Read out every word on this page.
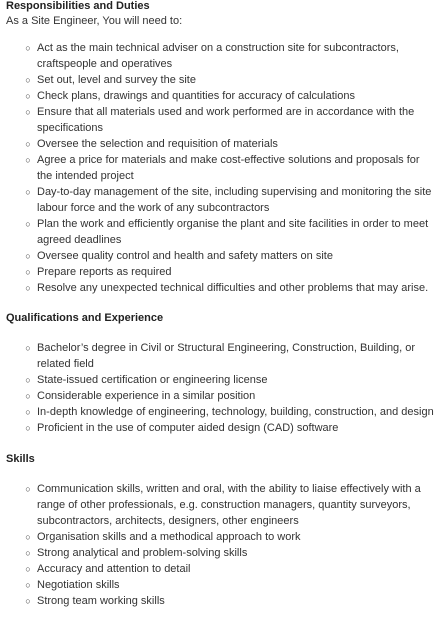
Responsibilities and Duties
As a Site Engineer, You will need to:
○ Act as the main technical adviser on a construction site for subcontractors, craftspeople and operatives
○ Set out, level and survey the site
○ Check plans, drawings and quantities for accuracy of calculations
○ Ensure that all materials used and work performed are in accordance with the specifications
○ Oversee the selection and requisition of materials
○ Agree a price for materials and make cost-effective solutions and proposals for the intended project
○ Day-to-day management of the site, including supervising and monitoring the site labour force and the work of any subcontractors
○ Plan the work and efficiently organise the plant and site facilities in order to meet agreed deadlines
○ Oversee quality control and health and safety matters on site
○ Prepare reports as required
○ Resolve any unexpected technical difficulties and other problems that may arise.
Qualifications and Experience
○ Bachelor’s degree in Civil or Structural Engineering, Construction, Building, or related field
○ State-issued certification or engineering license
○ Considerable experience in a similar position
○ In-depth knowledge of engineering, technology, building, construction, and design
○ Proficient in the use of computer aided design (CAD) software
Skills
○ Communication skills, written and oral, with the ability to liaise effectively with a range of other professionals, e.g. construction managers, quantity surveyors, subcontractors, architects, designers, other engineers
○ Organisation skills and a methodical approach to work
○ Strong analytical and problem-solving skills
○ Accuracy and attention to detail
○ Negotiation skills
○ Strong team working skills
